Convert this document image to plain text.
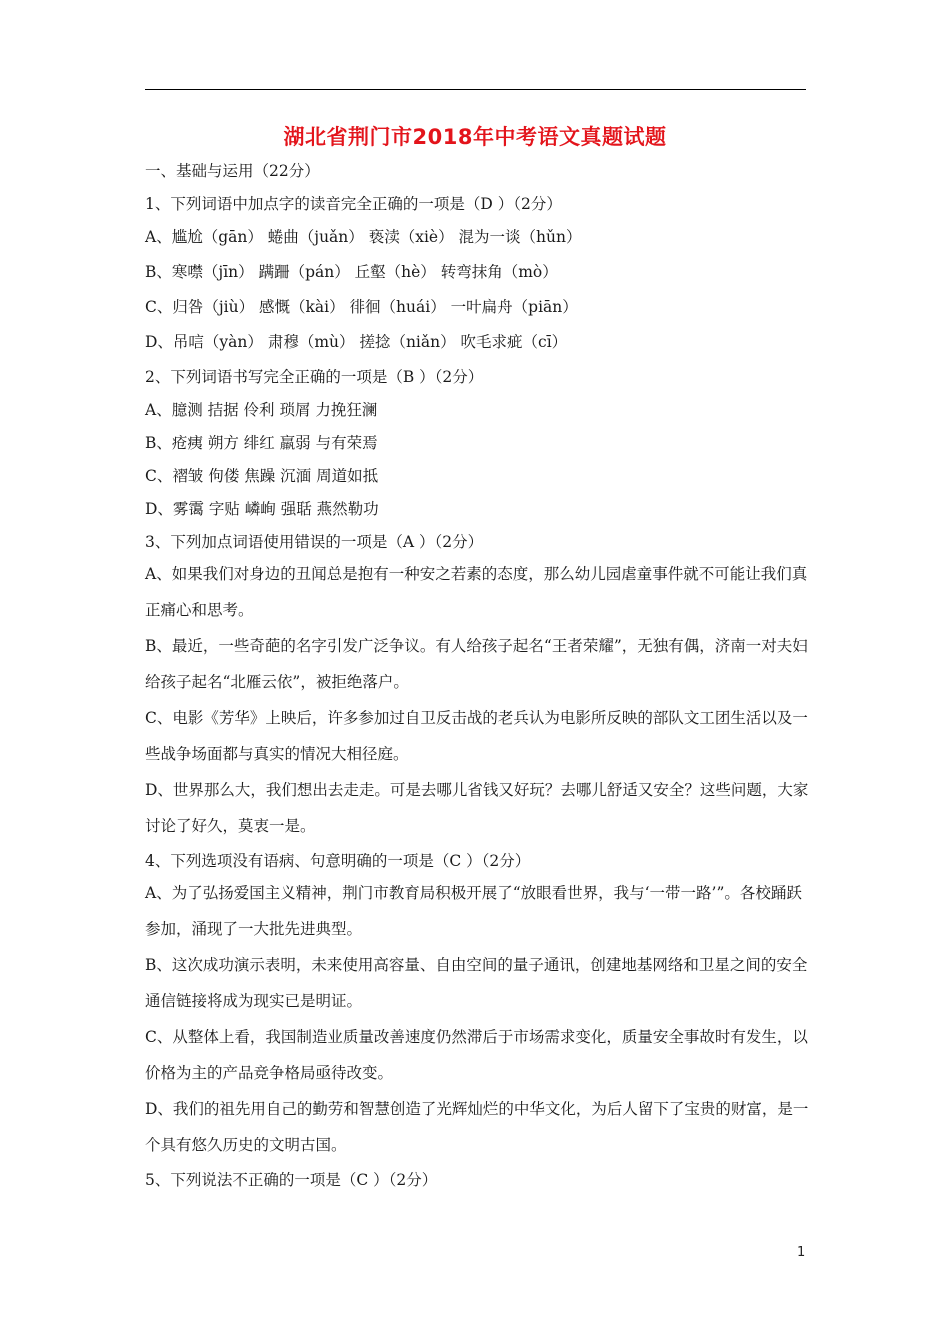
湖北省荆门市2018年中考语文真题试题
一、基础与运用（22分）
1、下列词语中加点字的读音完全正确的一项是（D ）（2分）
A、尴尬（gān） 蜷曲（juǎn） 亵渎（xiè） 混为一谈（hǔn）
B、寒噤（jīn） 蹒跚（pán） 丘壑（hè） 转弯抹角（mò）
C、归咎（jiù） 感慨（kài） 徘徊（huái） 一叶扁舟（piān）
D、吊唁（yàn） 肃穆（mù） 搓捻（niǎn） 吹毛求疵（cī）
2、下列词语书写完全正确的一项是（B ）（2分）
A、臆测 拮据 伶利 琐屑 力挽狂澜
B、疮痍 朔方 绯红 羸弱 与有荣焉
C、褶皱 佝偻 焦躁 沉湎 周道如抵
D、雾霭 字贴 嶙峋 强聒 燕然勒功
3、下列加点词语使用错误的一项是（A ）（2分）
A、如果我们对身边的丑闻总是抱有一种安之若素的态度，那么幼儿园虐童事件就不可能让我们真正痛心和思考。
B、最近，一些奇葩的名字引发广泛争议。有人给孩子起名“王者荣耀”，无独有偶，济南一对夫妇给孩子起名“北雁云依”，被拒绝落户。
C、电影《芳华》上映后，许多参加过自卫反击战的老兵认为电影所反映的部队文工团生活以及一些战争场面都与真实的情况大相径庭。
D、世界那么大，我们想出去走走。可是去哪儿省钱又好玩？去哪儿舒适又安全？这些问题，大家讨论了好久，莫衷一是。
4、下列选项没有语病、句意明确的一项是（C ）（2分）
A、为了弘扬爱国主义精神，荆门市教育局积极开展了“放眼看世界，我与‘一带一路’”。各校踊跃参加，涌现了一大批先进典型。
B、这次成功演示表明，未来使用高容量、自由空间的量子通讯，创建地基网络和卫星之间的安全通信链接将成为现实已是明证。
C、从整体上看，我国制造业质量改善速度仍然滞后于市场需求变化，质量安全事故时有发生，以价格为主的产品竞争格局亟待改变。
D、我们的祖先用自己的勤劳和智慧创造了光辉灿烂的中华文化，为后人留下了宝贵的财富，是一个具有悠久历史的文明古国。
5、下列说法不正确的一项是（C ）（2分）
1
